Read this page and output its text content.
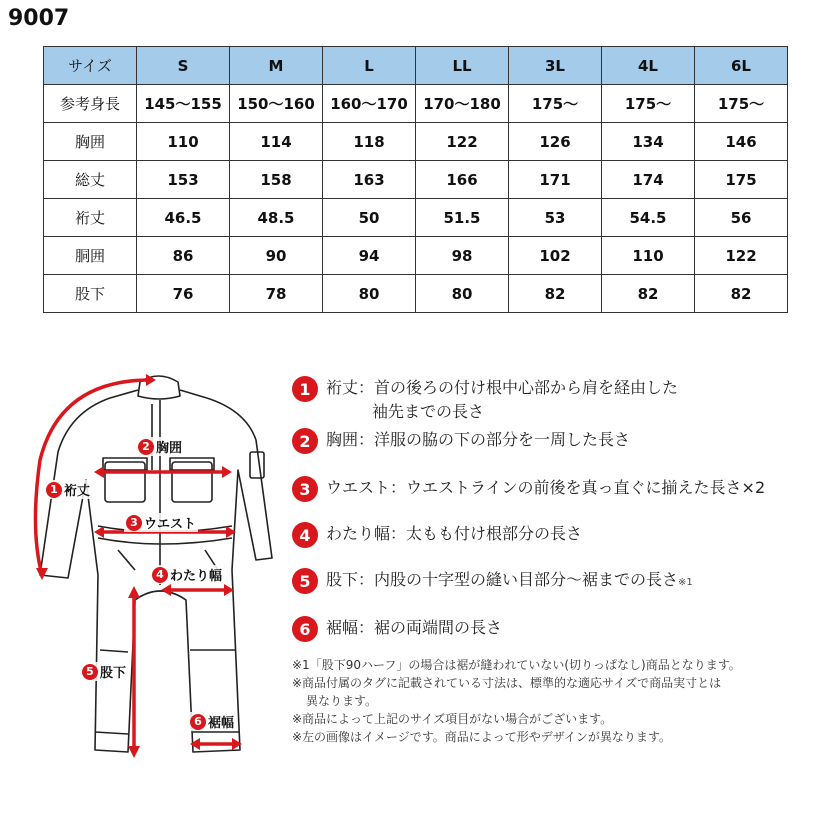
9007
サイズ	S	M	L	LL	3L	4L	6L
参考身長	145〜155	150〜160	160〜170	170〜180	175〜	175〜	175〜
胸囲	110	114	118	122	126	134	146
総丈	153	158	163	166	171	174	175
裄丈	46.5	48.5	50	51.5	53	54.5	56
胴囲	86	90	94	98	102	110	122
股下	76	78	80	80	82	82	82
1 裄丈
2 胸囲
3 ウエスト
4 わたり幅
5 股下
6 裾幅
1 裄丈：首の後ろの付け根中心部から肩を経由した
袖先までの長さ
2 胸囲：洋服の脇の下の部分を一周した長さ
3 ウエスト：ウエストラインの前後を真っ直ぐに揃えた長さ×2
4 わたり幅：太もも付け根部分の長さ
5 股下：内股の十字型の縫い目部分〜裾までの長さ※1
6 裾幅：裾の両端間の長さ

※1「股下90ハーフ」の場合は裾が縫われていない(切りっぱなし)商品となります。

※商品付属のタグに記載されている寸法は、標準的な適応サイズで商品実寸とは

異なります。

※商品によって上記のサイズ項目がない場合がございます。

※左の画像はイメージです。商品によって形やデザインが異なります。
